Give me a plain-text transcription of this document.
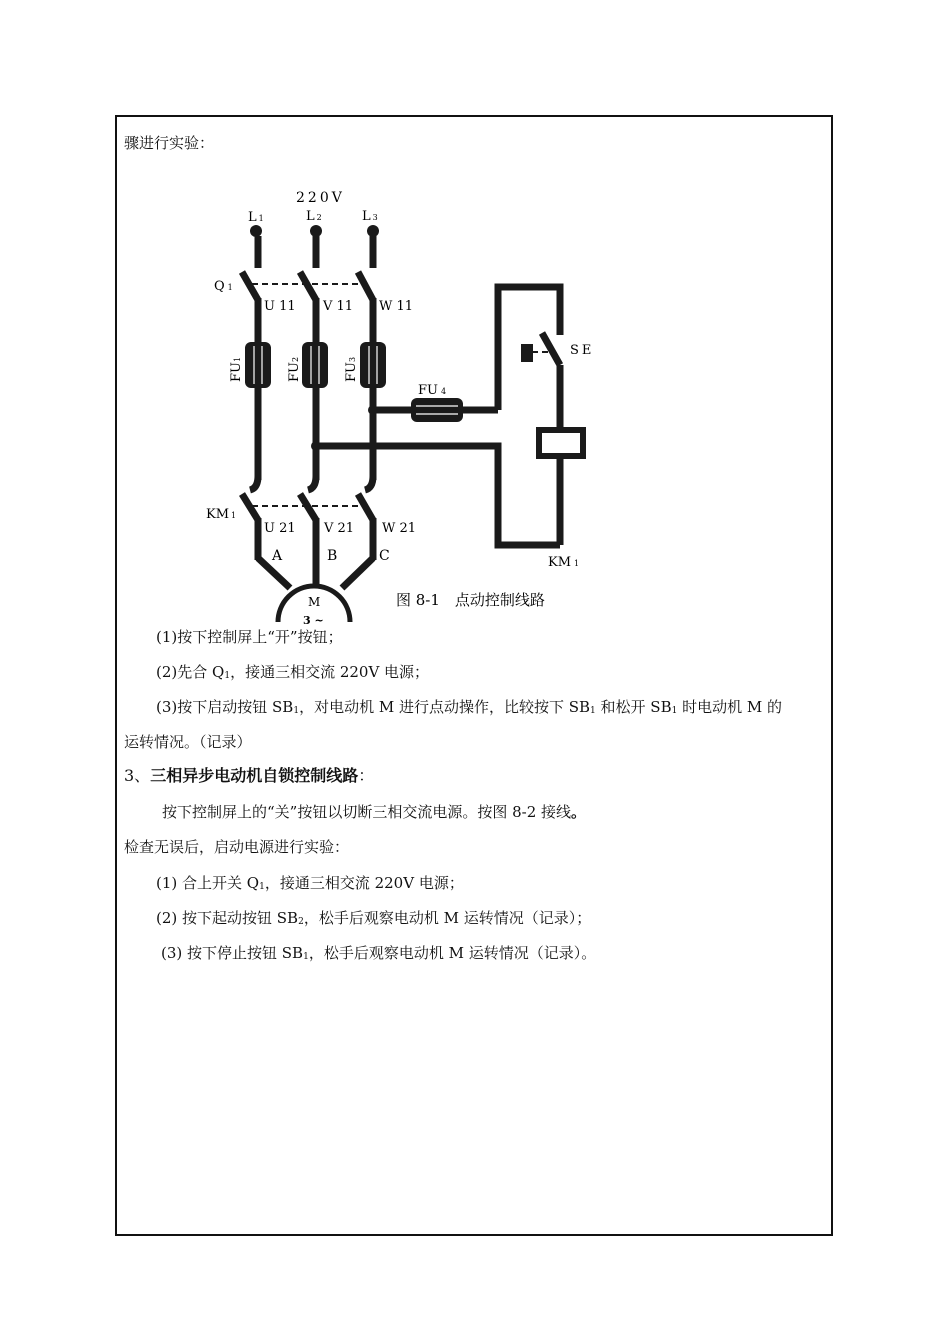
骤进行实验：
220V
L 1	L 2	L 3
Q 1
U 11 V 11 W 11
FU1
FU2
FU3
FU 4
S E
KM 1
U 21 V 21 W 21
A	B	C	KM 1
M
3 ~
图 8-1　点动控制线路
(1)按下控制屏上“开”按钮；
(2)先合 $Q_1$，接通三相交流 220V 电源；
(3)按下启动按钮 $SB_1$，对电动机 M 进行点动操作，比较按下 $SB_1$ 和松开 $SB_1$ 时电动机 M 的
运转情况。（记录）
3、三相异步电动机自锁控制线路：
按下控制屏上的“关”按钮以切断三相交流电源。按图 8-2 接线。
检查无误后，启动电源进行实验：
(1) 合上开关 $Q_1$，接通三相交流 220V 电源；
(2) 按下起动按钮 $SB_2$，松手后观察电动机 M 运转情况（记录）；
(3) 按下停止按钮 $SB_1$，松手后观察电动机 M 运转情况（记录）。
